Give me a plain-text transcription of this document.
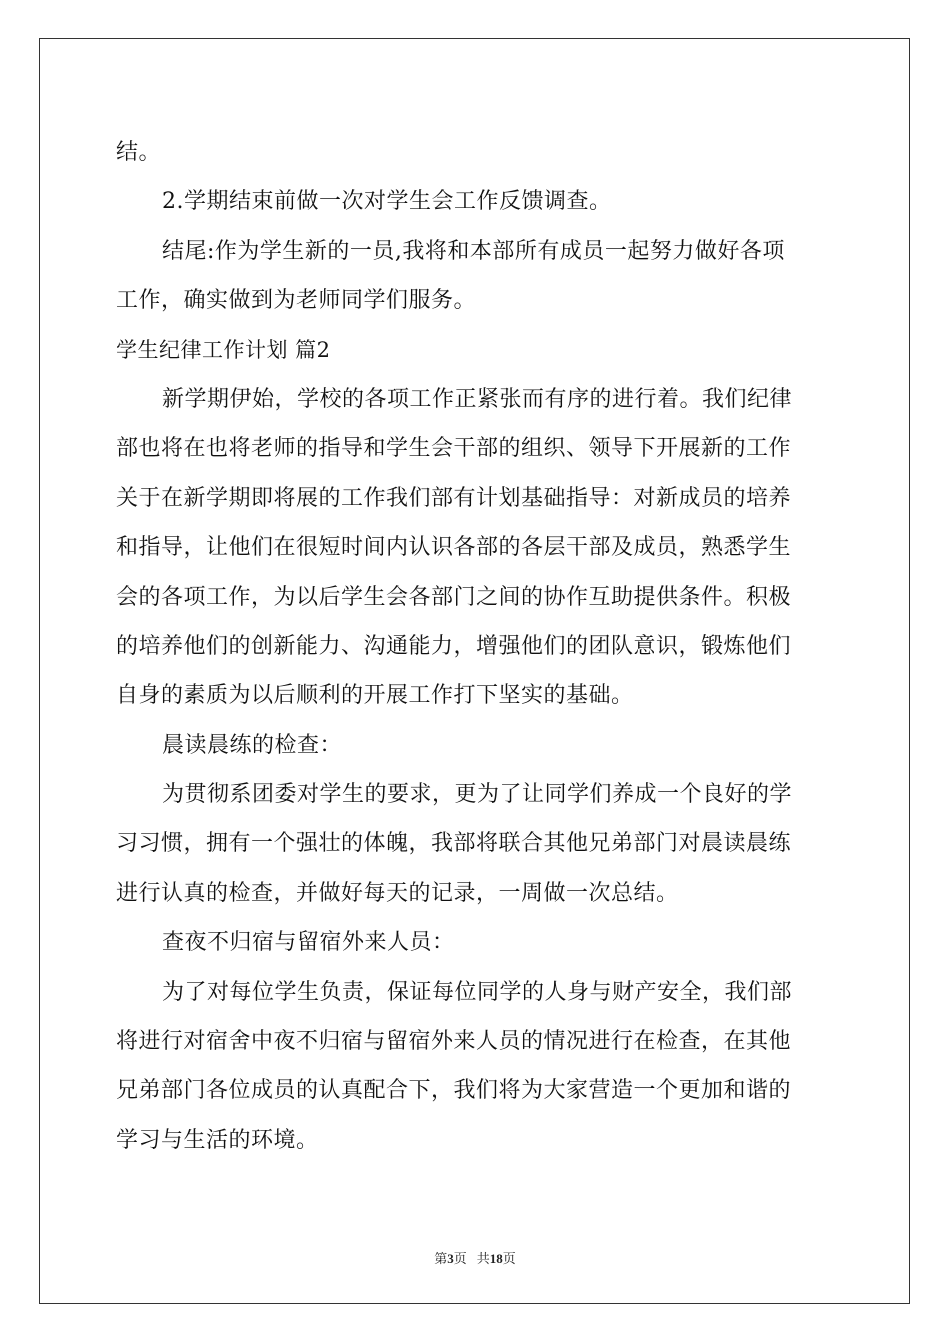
结。
2.学期结束前做一次对学生会工作反馈调查。
结尾:作为学生新的一员,我将和本部所有成员一起努力做好各项
工作，确实做到为老师同学们服务。
学生纪律工作计划 篇2
新学期伊始，学校的各项工作正紧张而有序的进行着。我们纪律
部也将在也将老师的指导和学生会干部的组织、领导下开展新的工作
关于在新学期即将展的工作我们部有计划基础指导：对新成员的培养
和指导，让他们在很短时间内认识各部的各层干部及成员，熟悉学生
会的各项工作，为以后学生会各部门之间的协作互助提供条件。积极
的培养他们的创新能力、沟通能力，增强他们的团队意识，锻炼他们
自身的素质为以后顺利的开展工作打下坚实的基础。
晨读晨练的检查：
为贯彻系团委对学生的要求，更为了让同学们养成一个良好的学
习习惯，拥有一个强壮的体魄，我部将联合其他兄弟部门对晨读晨练
进行认真的检查，并做好每天的记录，一周做一次总结。
查夜不归宿与留宿外来人员：
为了对每位学生负责，保证每位同学的人身与财产安全，我们部
将进行对宿舍中夜不归宿与留宿外来人员的情况进行在检查，在其他
兄弟部门各位成员的认真配合下，我们将为大家营造一个更加和谐的
学习与生活的环境。
第3页 共18页
